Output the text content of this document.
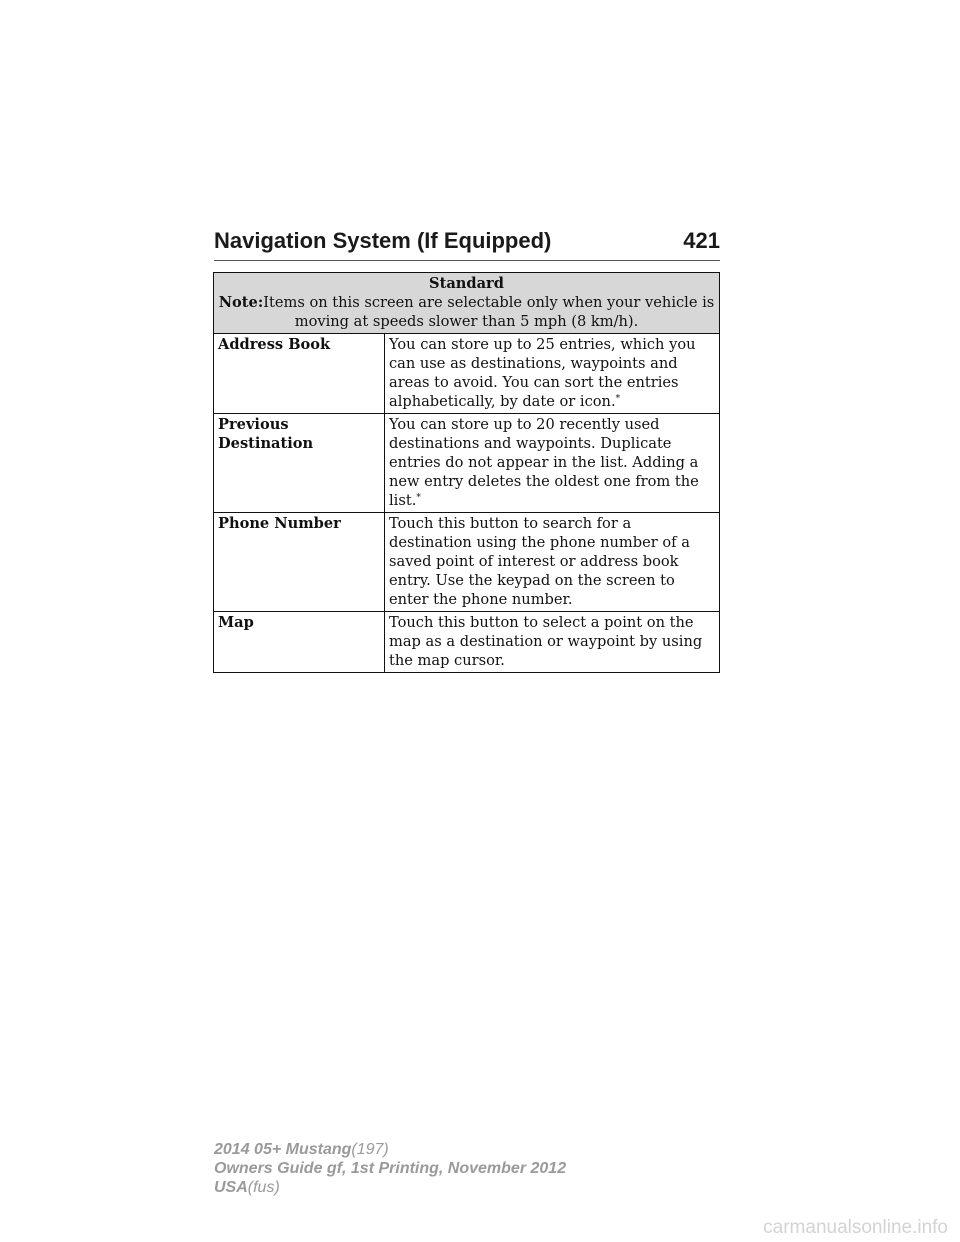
Navigation System (If Equipped)	421
Standard
Note:Items on this screen are selectable only when your vehicle is moving at speeds slower than 5 mph (8 km/h).	
Address Book	You can store up to 25 entries, which you can use as destinations, waypoints and areas to avoid. You can sort the entries alphabetically, by date or icon.*
Previous Destination	You can store up to 20 recently used destinations and waypoints. Duplicate entries do not appear in the list. Adding a new entry deletes the oldest one from the list.*
Phone Number	Touch this button to search for a destination using the phone number of a saved point of interest or address book entry. Use the keypad on the screen to enter the phone number.
Map	Touch this button to select a point on the map as a destination or waypoint by using the map cursor.
2014 05+ Mustang(197)
Owners Guide gf, 1st Printing, November 2012
USA(fus)
carmanualsonline.info
